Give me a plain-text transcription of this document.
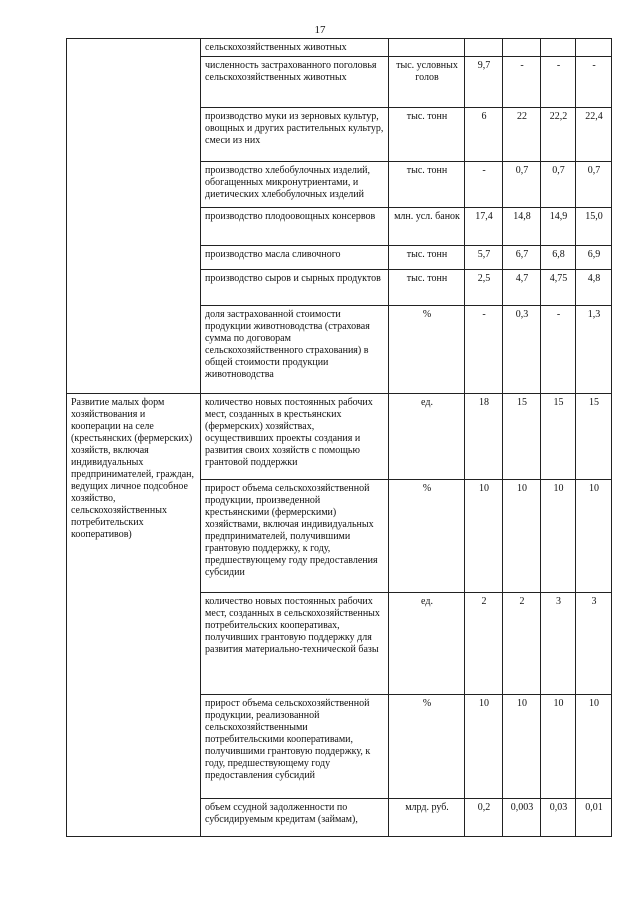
17
	сельскохозяйственных животных					
	численность застрахованного поголовья сельскохозяйственных животных	тыс. условных голов	9,7	-	-	-
	производство муки из зерновых культур, овощных и других растительных культур, смеси из них	тыс. тонн	6	22	22,2	22,4
	производство хлебобулочных изделий, обогащенных микронутриентами, и диетических хлебобулочных изделий	тыс. тонн	-	0,7	0,7	0,7
	производство плодоовощных консервов	млн. усл. банок	17,4	14,8	14,9	15,0
	производство масла сливочного	тыс. тонн	5,7	6,7	6,8	6,9
	производство сыров и сырных продуктов	тыс. тонн	2,5	4,7	4,75	4,8
	доля застрахованной стоимости продукции животноводства (страховая сумма по договорам сельскохозяйственного страхования) в общей стоимости продукции животноводства	%	-	0,3	-	1,3
Развитие малых форм хозяйствования и кооперации на селе (крестьянских (фермерских) хозяйств, включая индивидуальных предпринимателей, граждан, ведущих личное подсобное хозяйство, сельскохозяйственных потребительских кооперативов)	количество новых постоянных рабочих мест, созданных в крестьянских (фермерских) хозяйствах, осуществивших проекты создания и развития своих хозяйств с помощью грантовой поддержки	ед.	18	15	15	15
	прирост объема сельскохозяйственной продукции, произведенной крестьянскими (фермерскими) хозяйствами, включая индивидуальных предпринимателей, получившими грантовую поддержку, к году, предшествующему году предоставления субсидии	%	10	10	10	10
	количество новых постоянных рабочих мест, созданных в сельскохозяйственных потребительских кооперативах, получивших грантовую поддержку для развития материально-технической базы	ед.	2	2	3	3
	прирост объема сельскохозяйственной продукции, реализованной сельскохозяйственными потребительскими кооперативами, получившими грантовую поддержку, к году, предшествующему году предоставления субсидий	%	10	10	10	10
	объем ссудной задолженности по субсидируемым кредитам (займам),	млрд. руб.	0,2	0,003	0,03	0,01
